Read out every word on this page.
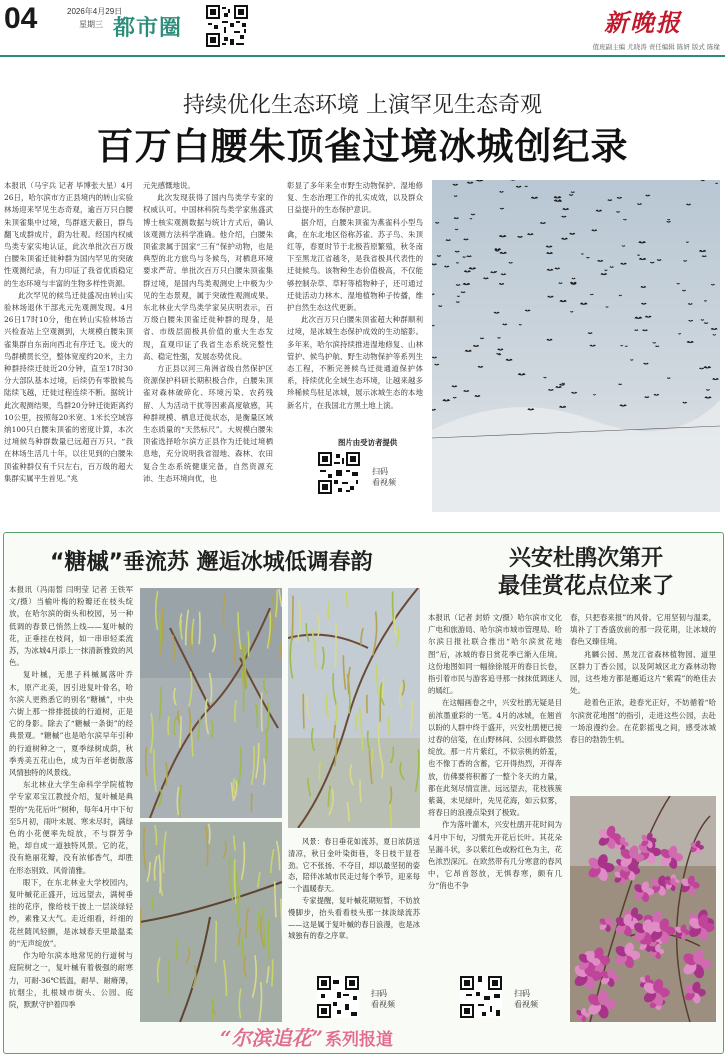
04	2026年4月29日
星期三 都市圈	新晚报
值班副主编 尤晓涛 责任编辑 陈妍 版式 陈缘
持续优化生态环境 上演罕见生态奇观
百万白腰朱顶雀过境冰城创纪录

本报讯（马宇兵 记者 毕博张大星）4月26日，哈尔滨市方正县境内的转山实验林场迎来罕见生态奇观，逾百万只白腰朱顶雀集中过境，鸟群遮天蔽日，群鸟翻飞成群成片，蔚为壮观。经国内权威鸟类专家实地认证，此次单批次百万级白腰朱顶雀迁徙种群为国内罕见的突破性观测纪录，有力印证了我省优质稳定的生态环境与丰富的生物多样性资源。

此次罕见的候鸟迁徙盛况由转山实验林场退休干部兆元先观测发现。4月26日17时10分，他在转山实验林场吉兴检查站上空观测到，大规模白腰朱顶雀集群自东南向西北有序迁飞。庞大的鸟群横贯长空，整体宽度约20米，主力种群持续迁徙近20分钟，直至17时30分大部队基本过境，后续仍有零散候鸟陆续飞越，迁徙过程连续不断。据统计此次观测结果，鸟群20分钟迁徙距离约10公里，按照每20米宽、1米长空域容纳100只白腰朱顶雀的密度计算，本次过境候鸟种群数量已远超百万只。“我在林场生活几十年，以往见到的白腰朱顶雀种群仅有千只左右，百万级的超大集群实属平生首见。”兆

元先感慨地说。

此次发现获得了国内鸟类学专家的权威认可。中国林科院鸟类学家焦盛武博士核实观测数据与统计方式后，确认该观测方法科学准确。他介绍，白腰朱顶雀隶属于国家“三有”保护动物，也是典型的北方旅鸟与冬候鸟，对栖息环境要求严苛。单批次百万只白腰朱顶雀集群过境，是国内鸟类观测史上中极为少见的生态景观，属于突破性观测成果。东北林业大学鸟类学家吴庆明表示，百万级白腰朱顶雀迁徙种群的现身，是省、市级层面极具价值的重大生态发现，直观印证了我省生态系统完整性高、稳定性强，发展态势优良。

方正县以河三角洲省级自然保护区资源保护科研长期积极合作，白腰朱顶雀对森林破碎化、环境污染、农药残留、人为活动干扰等因素高度敏感，其种群规模、栖息迁徙状态，是衡量区域生态质量的“天然标尺”。大规模白腰朱顶雀选择哈尔滨方正县作为迁徙过境栖息地，充分说明我省湿地、森林、农田复合生态系统健康完备，自然资源充沛、生态环境向优，也

彰显了多年来全市野生动物保护、湿地修复、生态治理工作的扎实成效，以及群众日益提升的生态保护意识。

据介绍，白腰朱顶雀为燕雀科小型鸟禽，在东北地区俗称苏雀、苏子鸟、朱顶红等，春夏时节于北极苔原繁殖，秋冬南下至黑龙江省越冬，是我省极具代表性的迁徙候鸟。该物种生态价值极高，不仅能够控制杂草、草籽等植物种子，还可通过迁徙活动力林木、湿地植物种子传播，维护自然生态这代更新。

此次百万只白腰朱顶雀超大种群顺利过境，是冰城生态保护成效的生动缩影。多年来，哈尔滨持续推进湿地修复、山林管护、候鸟护航、野生动物保护等系列生态工程，不断完善候鸟迁徙通道保护体系，持续优化全域生态环境，让越来越多珍稀候鸟驻足冰城，展示冰城生态的本地新名片，在我国北方黑土地上演。

图片由受访者提供
扫码
看视频
“糖槭”垂流苏 邂逅冰城低调春韵	兴安杜鹃次第开
最佳赏花点位来了

本报讯（冯雨皙 闫明莹 记者 王铁军 文/摄）当榆叶梅的粉瓣还在枝头绽放，在哈尔滨的街头和校园，另一种低调的春景已悄然上线——复叶槭的花，正垂挂在枝间，如一串串轻柔流苏，为冰城4月添上一抹清新雅致的风色。

复叶槭，无患子科槭属落叶乔木，原产北美，因引进复叶骨名，哈尔滨人更熟悉它的别名“糖槭”，中央六街上那一排排挺拔的行道树，正是它的身影。除去了“糖槭一条街”的经典景观。“糖槭”也是哈尔滨早年引种的行道树种之一，夏季绿树成荫，秋季秀美五花山色，成为百年老街散落风情独特的风景线。

东北林业大学生命科学学院植物学专家邓宝江教授介绍，复叶槭是典型的“先花后叶”树种，每年4月中下旬至5月初，雨叶未展、寒未尽时，满绿色的小花便率先绽放，不与群芳争艳，却自成一道独特风景。它的花，没有艳丽花瓣，没有浓郁香气，却胜在形态别致、风骨清雅。

眼下，在东北林业大学校园内，复叶槭花正盛开，远远望去，满树垂挂的花序，像给枝干披上一层淡绿轻纱，素雅又大气。走近细看，纤细的花丝随风轻颤，是冰城春天里最温柔的“无声绽放”。

作为哈尔滨本地常见的行道树与庭院树之一，复叶槭有着极强的耐寒力，可耐-36℃低温，耐旱、耐瘠薄，抗烟尘，扎根城市街头、公园、庭院，默默守护着四季

风景：春日垂花如流苏，夏日浓荫送清凉，秋日金叶染街巷，冬日枝干显苍劲。它不张扬、不夺目，却以最坚韧的姿态，陪伴冰城市民走过每个季节，迎来每一个温暖春天。

专家提醒，复叶槭花期短暂，不妨放慢脚步，抬头看看枝头那一抹淡绿流苏——这是属于复叶槭的春日浪漫，也是冰城独有的春之序章。

扫码
看视频

本报讯（记者 封娇 文/摄）哈尔滨市文化广电和旅游局、哈尔滨市城市管理局、哈尔滨日报社联合推出“哈尔滨赏花地图”后，冰城的春日赏花季已渐入佳境。这份地图如同一幅徐徐展开的春日长卷，指引着市民与游客追寻那一抹抹低调迷人的嫣红。

在这幅画卷之中，兴安杜鹃无疑是目前浓墨重彩的一笔。4月的冰城，在翘首以盼的人群中终于盛开，兴安杜鹃便已接过春的信笺，在山野林间、公园水畔傲然绽放。那一片片紫红，不似宗桃的娇羞，也不像丁香的含蓄，它开得热烈，开得奔放，仿佛要将积蓄了一整个冬天的力量，都在此刻尽情宣泄。远远望去，花枝簇簇紫蔼，未见绿叶，先见花海，如云似雾，将春日的浪漫点染到了极致。

作为落叶灌木，兴安杜鹃开花时间为4月中下旬，习惯先开花后长叶。其花朵呈漏斗状，多以紫红色或粉红色为主，花色浓烈深沉。在欧然带有几分寒意的春风中，它昂首怒放，无惧春寒，颇有几分“俏也不争

春，只把春来报”的风骨。它用坚韧与温柔，填补了丁香盛放前的那一段花期，让冰城的春色又臻佳境。

兆麟公园、黑龙江省森林植物园、道里区群力丁香公园，以及阿城区北方森林动物园，这些地方都是邂逅这片“紫霞”的绝佳去处。

趁着色正浓，趁春光正好，不妨循着“哈尔滨赏花地图”的指引，走进这些公园，去赴一场浪漫约会。在花影摇曳之间，感受冰城春日的勃勃生机。

扫码
看视频
“尔滨追花” 系列报道
